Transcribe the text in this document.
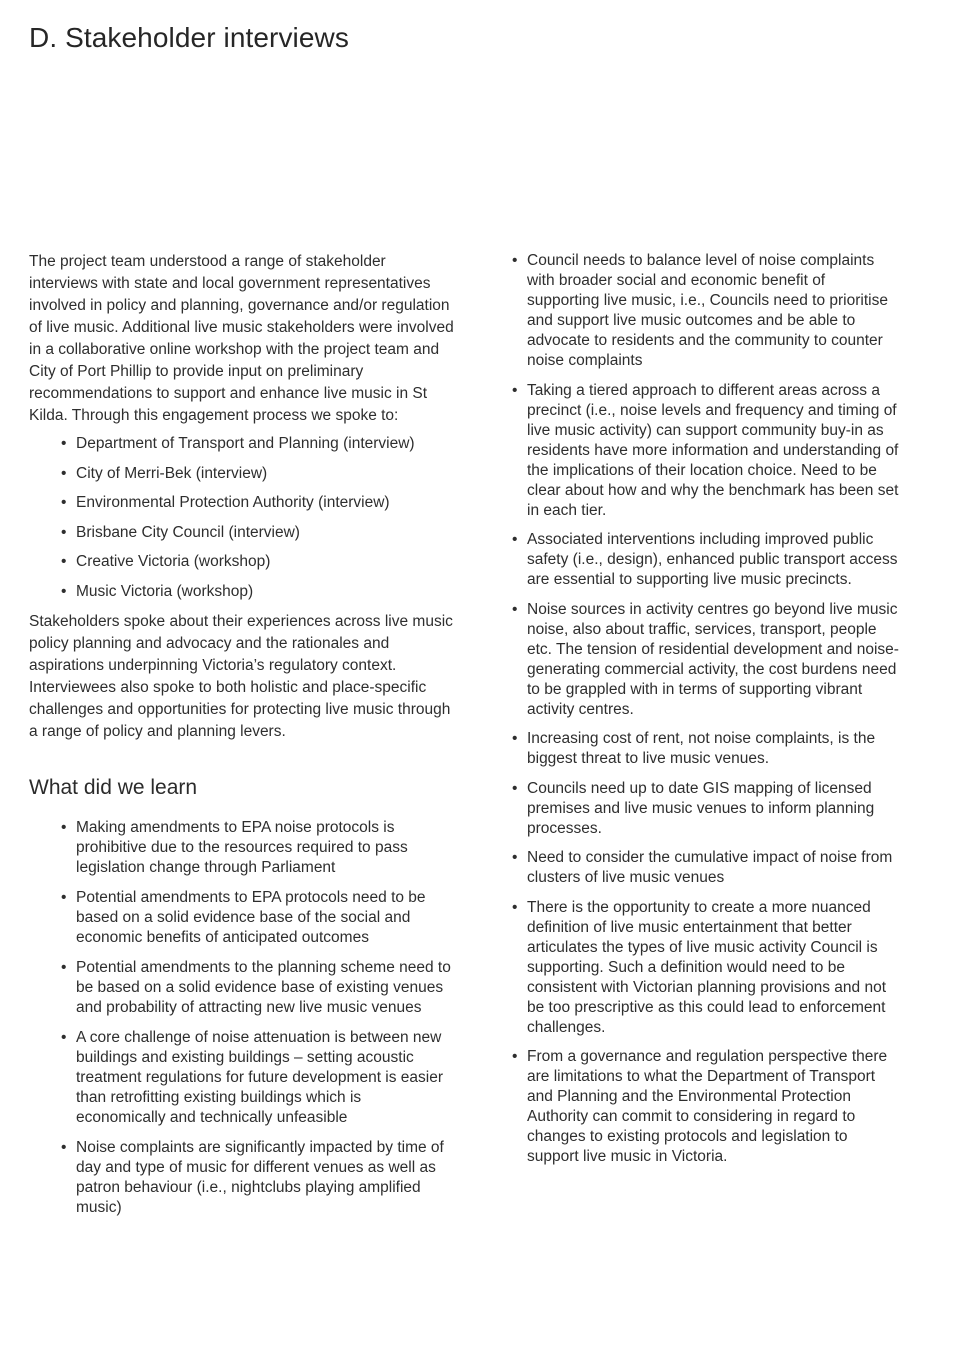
D. Stakeholder interviews

The project team understood a range of stakeholder interviews with state and local government representatives involved in policy and planning, governance and/or regulation of live music. Additional live music stakeholders were involved in a collaborative online workshop with the project team and City of Port Phillip to provide input on preliminary recommendations to support and enhance live music in St Kilda. Through this engagement process we spoke to:

• Department of Transport and Planning (interview)
• City of Merri-Bek (interview)
• Environmental Protection Authority (interview)
• Brisbane City Council (interview)
• Creative Victoria (workshop)
• Music Victoria (workshop)

Stakeholders spoke about their experiences across live music policy planning and advocacy and the rationales and aspirations underpinning Victoria’s regulatory context. Interviewees also spoke to both holistic and place-specific challenges and opportunities for protecting live music through a range of policy and planning levers.

What did we learn
• Making amendments to EPA noise protocols is prohibitive due to the resources required to pass legislation change through Parliament
• Potential amendments to EPA protocols need to be based on a solid evidence base of the social and economic benefits of anticipated outcomes
• Potential amendments to the planning scheme need to be based on a solid evidence base of existing venues and probability of attracting new live music venues
• A core challenge of noise attenuation is between new buildings and existing buildings – setting acoustic treatment regulations for future development is easier than retrofitting existing buildings which is economically and technically unfeasible
• Noise complaints are significantly impacted by time of day and type of music for different venues as well as patron behaviour (i.e., nightclubs playing amplified music)
• Council needs to balance level of noise complaints with broader social and economic benefit of supporting live music, i.e., Councils need to prioritise and support live music outcomes and be able to advocate to residents and the community to counter noise complaints
• Taking a tiered approach to different areas across a precinct (i.e., noise levels and frequency and timing of live music activity) can support community buy-in as residents have more information and understanding of the implications of their location choice. Need to be clear about how and why the benchmark has been set in each tier.
• Associated interventions including improved public safety (i.e., design), enhanced public transport access are essential to supporting live music precincts.
• Noise sources in activity centres go beyond live music noise, also about traffic, services, transport, people etc. The tension of residential development and noise-generating commercial activity, the cost burdens need to be grappled with in terms of supporting vibrant activity centres.
• Increasing cost of rent, not noise complaints, is the biggest threat to live music venues.
• Councils need up to date GIS mapping of licensed premises and live music venues to inform planning processes.
• Need to consider the cumulative impact of noise from clusters of live music venues
• There is the opportunity to create a more nuanced definition of live music entertainment that better articulates the types of live music activity Council is supporting. Such a definition would need to be consistent with Victorian planning provisions and not be too prescriptive as this could lead to enforcement challenges.
• From a governance and regulation perspective there are limitations to what the Department of Transport and Planning and the Environmental Protection Authority can commit to considering in regard to changes to existing protocols and legislation to support live music in Victoria.
